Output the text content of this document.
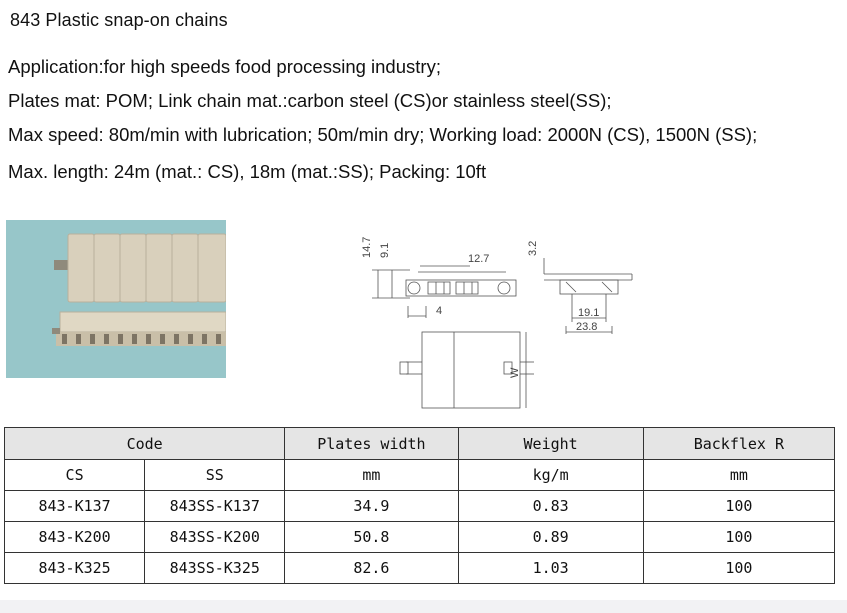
843 Plastic snap-on chains
Application:for high speeds food processing industry;
Plates mat: POM; Link chain mat.:carbon steel (CS)or stainless steel(SS);
Max speed: 80m/min with lubrication; 50m/min dry; Working load: 2000N (CS), 1500N (SS);
Max. length: 24m (mat.: CS), 18m (mat.:SS); Packing: 10ft
14.7 9.1
12.7
4
3.2
19.1
23.8
W
Code		Plates width	Weight	Backflex R
CS	SS	mm	kg/m	mm
843-K137	843SS-K137	34.9	0.83	100
843-K200	843SS-K200	50.8	0.89	100
843-K325	843SS-K325	82.6	1.03	100
